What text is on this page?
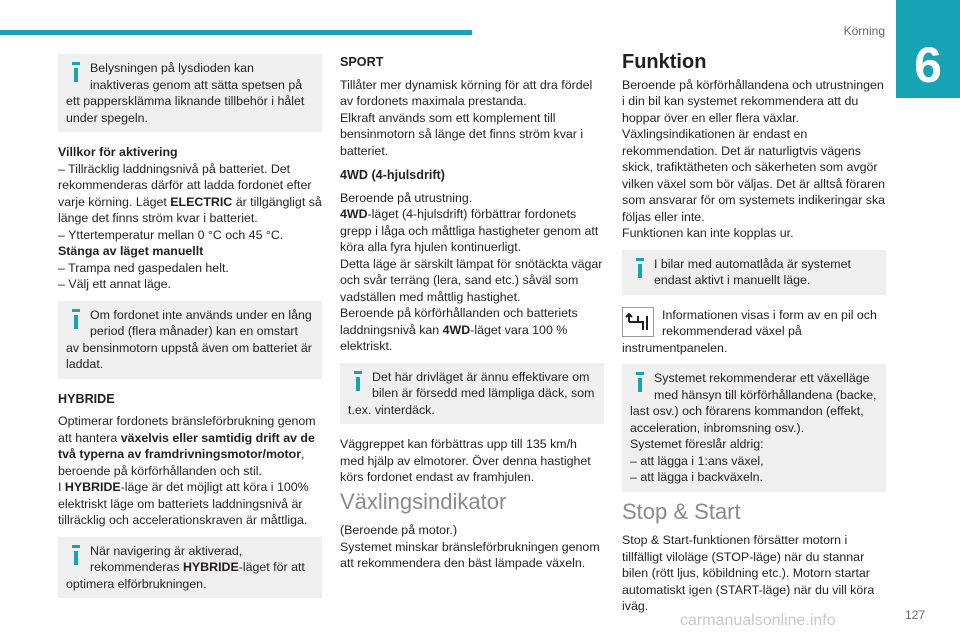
Körning
6
Belysningen på lysdioden kan inaktiveras genom att sätta spetsen på ett pappersklämma liknande tillbehör i hålet under spegeln.

Villkor för aktivering
– Tillräcklig laddningsnivå på batteriet. Det rekommenderas därför att ladda fordonet efter varje körning. Läget ELECTRIC är tillgängligt så länge det finns ström kvar i batteriet.
– Yttertemperatur mellan 0 °C och 45 °C.
Stänga av läget manuellt
– Trampa ned gaspedalen helt.
– Välj ett annat läge.

Om fordonet inte används under en lång period (flera månader) kan en omstart av bensinmotorn uppstå även om batteriet är laddat.
HYBRIDE

Optimerar fordonets bränsleförbrukning genom att hantera växelvis eller samtidig drift av de två typerna av framdrivningsmotor/motor, beroende på körförhållanden och stil.
I HYBRIDE-läge är det möjligt att köra i 100% elektriskt läge om batteriets laddningsnivå är tillräcklig och accelerationskraven är måttliga.

När navigering är aktiverad, rekommenderas HYBRIDE-läget för att optimera elförbrukningen.
SPORT

Tillåter mer dynamisk körning för att dra fördel av fordonets maximala prestanda.
Elkraft används som ett komplement till bensinmotorn så länge det finns ström kvar i batteriet.

4WD (4-hjulsdrift)

Beroende på utrustning.
4WD-läget (4-hjulsdrift) förbättrar fordonets grepp i låga och måttliga hastigheter genom att köra alla fyra hjulen kontinuerligt.
Detta läge är särskilt lämpat för snötäckta vägar och svår terräng (lera, sand etc.) såväl som vadställen med måttlig hastighet.
Beroende på körförhållanden och batteriets laddningsnivå kan 4WD-läget vara 100 % elektriskt.

Det här drivläget är ännu effektivare om bilen är försedd med lämpliga däck, som t.ex. vinterdäck.

Väggreppet kan förbättras upp till 135 km/h med hjälp av elmotorer. Över denna hastighet körs fordonet endast av framhjulen.

Växlingsindikator

(Beroende på motor.)
Systemet minskar bränsleförbrukningen genom att rekommendera den bäst lämpade växeln.

Funktion

Beroende på körförhållandena och utrustningen i din bil kan systemet rekommendera att du hoppar över en eller flera växlar.
Växlingsindikationen är endast en rekommendation. Det är naturligtvis vägens skick, trafiktätheten och säkerheten som avgör vilken växel som bör väljas. Det är alltså föraren som ansvarar för om systemets indikeringar ska följas eller inte.
Funktionen kan inte kopplas ur.

I bilar med automatlåda är systemet endast aktivt i manuellt läge.

Informationen visas i form av en pil och rekommenderad växel på instrumentpanelen.

Systemet rekommenderar ett växelläge med hänsyn till körförhållandena (backe, last osv.) och förarens kommandon (effekt, acceleration, inbromsning osv.).
Systemet föreslår aldrig:
– att lägga i 1:ans växel,
– att lägga i backväxeln.
Stop & Start

Stop & Start-funktionen försätter motorn i tillfälligt viloläge (STOP-läge) när du stannar bilen (rött ljus, köbildning etc.). Motorn startar automatiskt igen (START-läge) när du vill köra iväg.

carmanualsonline.info	127
